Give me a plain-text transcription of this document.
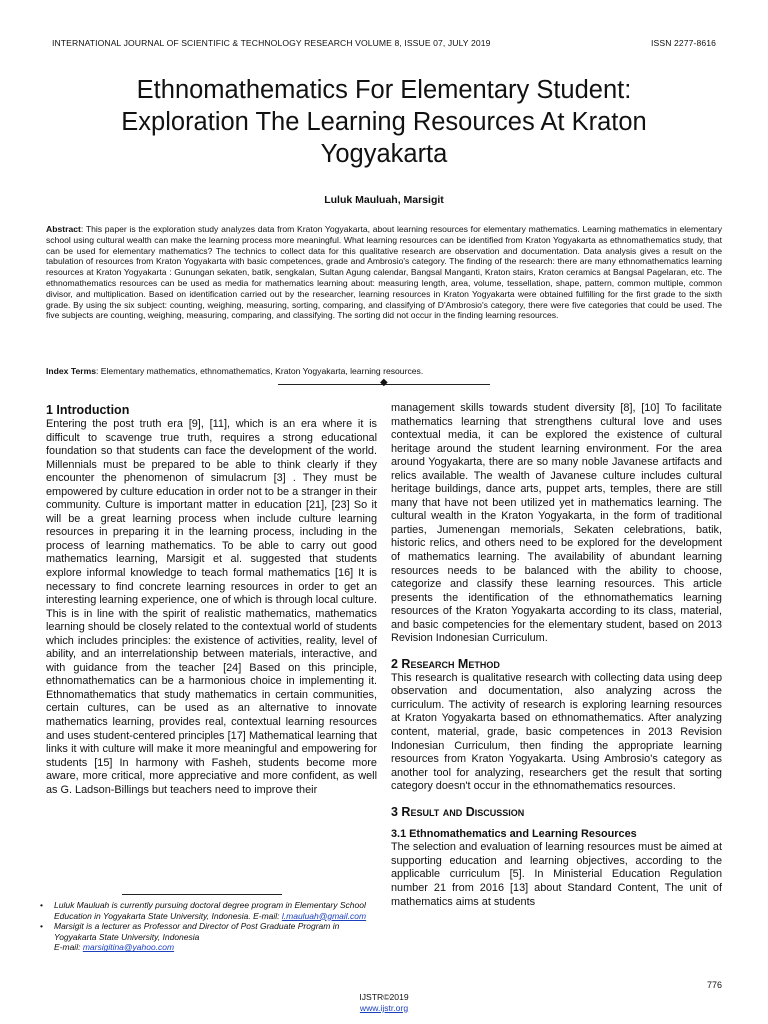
INTERNATIONAL JOURNAL OF SCIENTIFIC & TECHNOLOGY RESEARCH VOLUME 8, ISSUE 07, JULY 2019	ISSN 2277-8616
Ethnomathematics For Elementary Student:
Exploration The Learning Resources At Kraton
Yogyakarta
Luluk Mauluah, Marsigit
Abstract: This paper is the exploration study analyzes data from Kraton Yogyakarta, about learning resources for elementary mathematics. Learning mathematics in elementary school using cultural wealth can make the learning process more meaningful. What learning resources can be identified from Kraton Yogyakarta as ethnomathematics study, that can be used for elementary mathematics? The technics to collect data for this qualitative research are observation and documentation. Data analysis gives a result on the tabulation of resources from Kraton Yogyakarta with basic competences, grade and Ambrosio's category. The finding of the research: there are many ethnomathematics learning resources at Kraton Yogyakarta : Gunungan sekaten, batik, sengkalan, Sultan Agung calendar, Bangsal Manganti, Kraton stairs, Kraton ceramics at Bangsal Pagelaran, etc. The ethnomathematics resources can be used as media for mathematics learning about: measuring length, area, volume, tessellation, shape, pattern, common multiple, common divisor, and multiplication. Based on identification carried out by the researcher, learning resources in Kraton Yogyakarta were obtained fulfilling for the first grade to the sixth grade. By using the six subject: counting, weighing, measuring, sorting, comparing, and classifying of D'Ambrosio's category, there were five categories that could be used. The five subjects are counting, weighing, measuring, comparing, and classifying. The sorting did not occur in the finding learning resources.
Index Terms: Elementary mathematics, ethnomathematics, Kraton Yogyakarta, learning resources.
◆

1 Introduction

Entering the post truth era [9], [11], which is an era where it is difficult to scavenge true truth, requires a strong educational foundation so that students can face the development of the world. Millennials must be prepared to be able to think clearly if they encounter the phenomenon of simulacrum [3] . They must be empowered by culture education in order not to be a stranger in their community. Culture is important matter in education [21], [23] So it will be a great learning process when include culture learning resources in preparing it in the learning process, including in the process of learning mathematics. To be able to carry out good mathematics learning, Marsigit et al. suggested that students explore informal knowledge to teach formal mathematics [16] It is necessary to find concrete learning resources in order to get an interesting learning experience, one of which is through local culture. This is in line with the spirit of realistic mathematics, mathematics learning should be closely related to the contextual world of students which includes principles: the existence of activities, reality, level of ability, and an interrelationship between materials, interactive, and with guidance from the teacher [24] Based on this principle, ethnomathematics can be a harmonious choice in implementing it. Ethnomathematics that study mathematics in certain communities, certain cultures, can be used as an alternative to innovate mathematics learning, provides real, contextual learning resources and uses student-centered principles [17] Mathematical learning that links it with culture will make it more meaningful and empowering for students [15] In harmony with Fasheh, students become more aware, more critical, more appreciative and more confident, as well as G. Ladson-Billings but teachers need to improve their

management skills towards student diversity [8], [10] To facilitate mathematics learning that strengthens cultural love and uses contextual media, it can be explored the existence of cultural heritage around the student learning environment. For the area around Yogyakarta, there are so many noble Javanese artifacts and relics available. The wealth of Javanese culture includes cultural heritage buildings, dance arts, puppet arts, temples, there are still many that have not been utilized yet in mathematics learning. The cultural wealth in the Kraton Yogyakarta, in the form of traditional parties, Jumenengan memorials, Sekaten celebrations, batik, historic relics, and others need to be explored for the development of mathematics learning. The availability of abundant learning resources needs to be balanced with the ability to choose, categorize and classify these learning resources. This article presents the identification of the ethnomathematics learning resources of the Kraton Yogyakarta according to its class, material, and basic competencies for the elementary student, based on 2013 Revision Indonesian Curriculum.

2 Research Method

This research is qualitative research with collecting data using deep observation and documentation, also analyzing across the curriculum. The activity of research is exploring learning resources at Kraton Yogyakarta based on ethnomathematics. After analyzing content, material, grade, basic competences in 2013 Revision Indonesian Curriculum, then finding the appropriate learning resources from Kraton Yogyakarta. Using Ambrosio's category as another tool for analyzing, researchers get the result that sorting category doesn't occur in the ethnomathematics resources.

3 Result and Discussion

3.1 Ethnomathematics and Learning Resources

The selection and evaluation of learning resources must be aimed at supporting education and learning objectives, according to the applicable curriculum [5]. In Ministerial Education Regulation number 21 from 2016 [13] about Standard Content, The unit of mathematics aims at students

•	Luluk Mauluah is currently pursuing doctoral degree program in Elementary School Education in Yogyakarta State University, Indonesia. E-mail: l.mauluah@gmail.com
•	Marsigit is a lecturer as Professor and Director of Post Graduate Program in Yogyakarta State University, Indonesia
E-mail: marsigitina@yahoo.com
776
IJSTR©2019
www.ijstr.org
